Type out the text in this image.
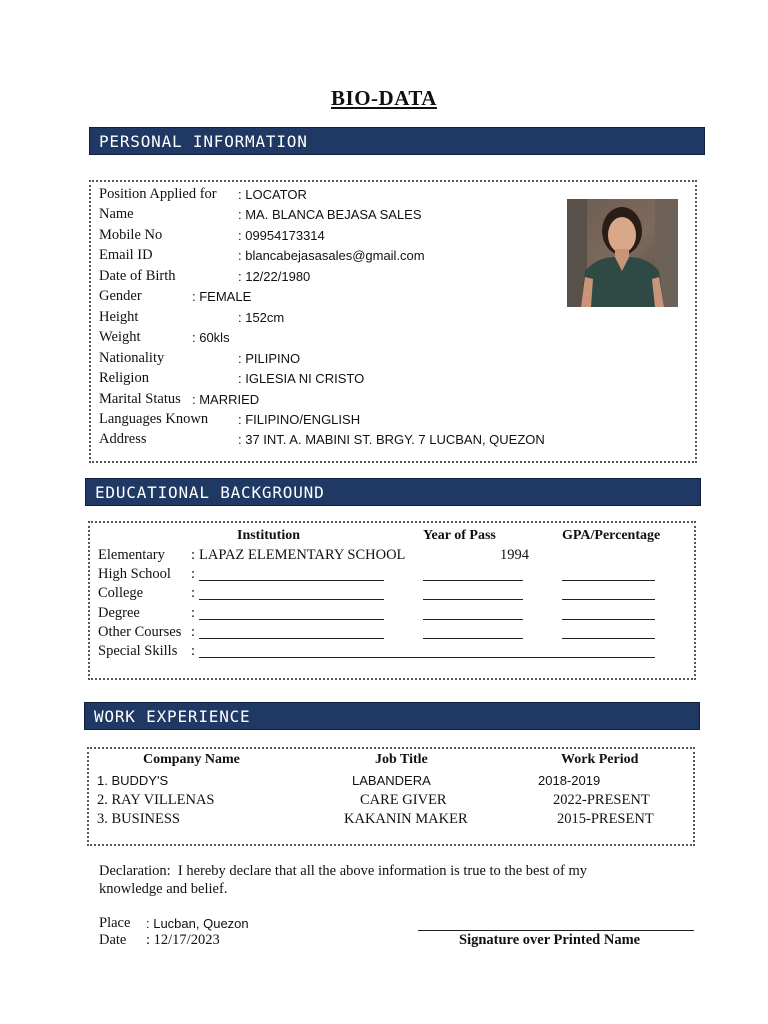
BIO-DATA
PERSONAL INFORMATION
Position Applied for : LOCATOR
Name	: MA. BLANCA BEJASA SALES
Mobile No	: 09954173314
Email ID	: blancabejasasales@gmail.com
Date of Birth	: 12/22/1980
Gender	: FEMALE
Height	: 152cm
Weight	: 60kls
Nationality	: PILIPINO
Religion	: IGLESIA NI CRISTO
Marital Status : MARRIED
Languages Known : FILIPINO/ENGLISH
Address	: 37 INT. A. MABINI ST. BRGY. 7 LUCBAN, QUEZON
EDUCATIONAL BACKGROUND
Institution	Year of Pass	GPA/Percentage
Elementary : LAPAZ ELEMENTARY SCHOOL	1994
High School :
College	:
Degree	:
Other Courses :
Special Skills :
WORK EXPERIENCE
Company Name	Job Title	Work Period
1. BUDDY'S	LABANDERA	2018-2019
2. RAY VILLENAS	CARE GIVER	2022-PRESENT
3. BUSINESS	KAKANIN MAKER	2015-PRESENT
Declaration:  I hereby declare that all the above information is true to the best of my
knowledge and belief.
Place : Lucban, Quezon
Date : 12/17/2023	Signature over Printed Name
